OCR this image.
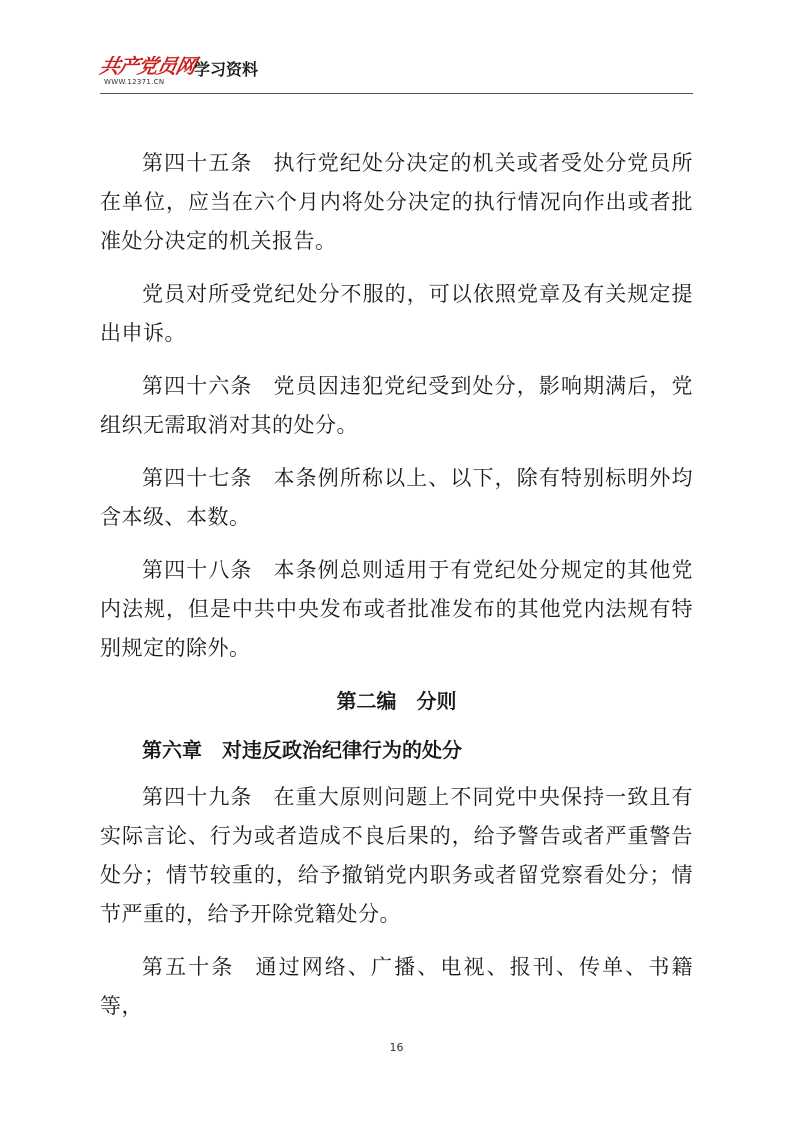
共产党员网
WWW.12371.CN
学习资料

第四十五条 执行党纪处分决定的机关或者受处分党员所在单位，应当在六个月内将处分决定的执行情况向作出或者批准处分决定的机关报告。

党员对所受党纪处分不服的，可以依照党章及有关规定提出申诉。

第四十六条 党员因违犯党纪受到处分，影响期满后，党组织无需取消对其的处分。

第四十七条 本条例所称以上、以下，除有特别标明外均含本级、本数。

第四十八条 本条例总则适用于有党纪处分规定的其他党内法规，但是中共中央发布或者批准发布的其他党内法规有特别规定的除外。

第二编　分则
第六章 对违反政治纪律行为的处分

第四十九条 在重大原则问题上不同党中央保持一致且有实际言论、行为或者造成不良后果的，给予警告或者严重警告处分；情节较重的，给予撤销党内职务或者留党察看处分；情节严重的，给予开除党籍处分。

第五十条 通过网络、广播、电视、报刊、传单、书籍等，

16
